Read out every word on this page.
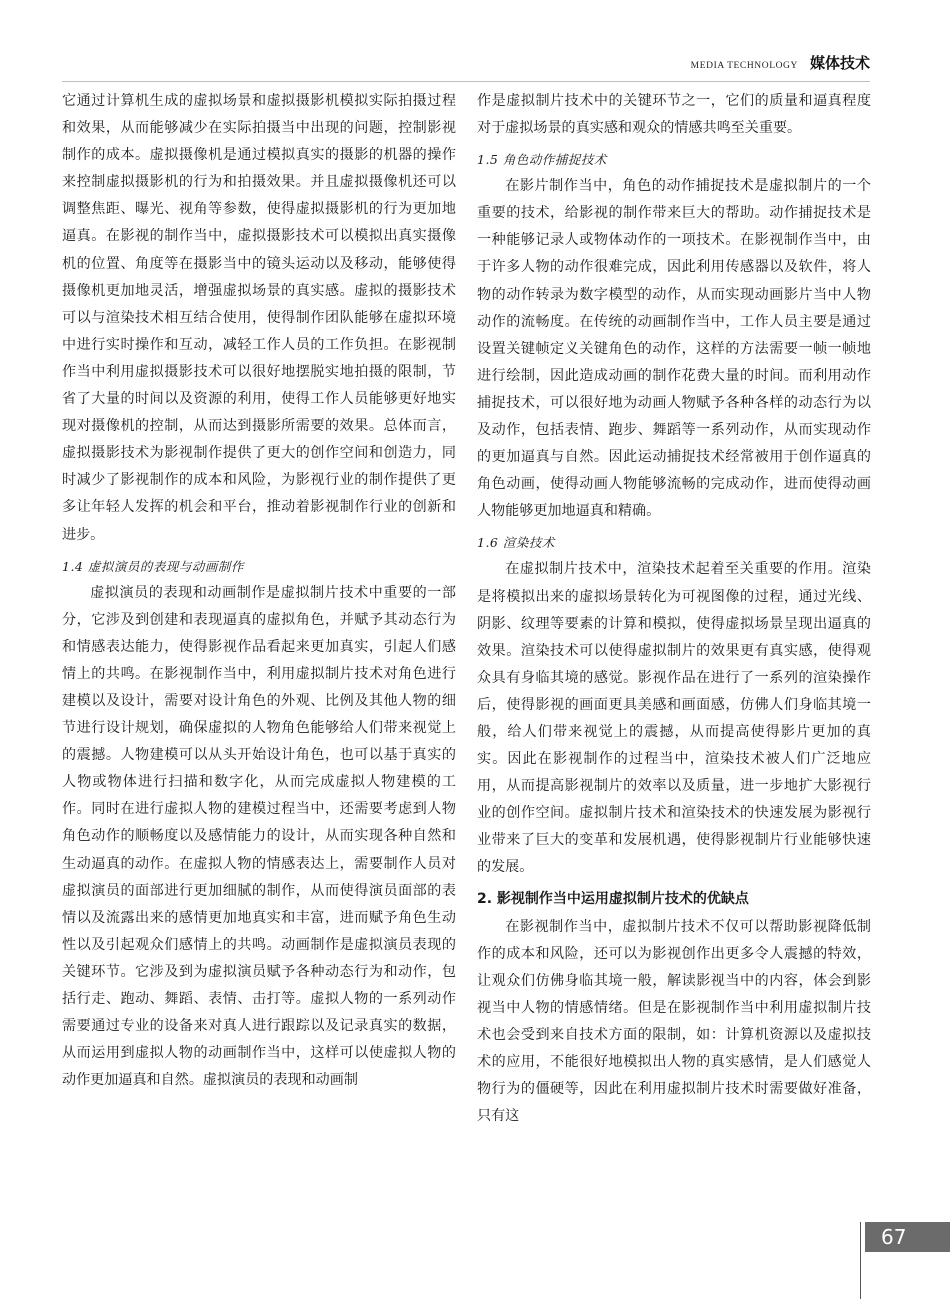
MEDIA TECHNOLOGY 媒体技术

它通过计算机生成的虚拟场景和虚拟摄影机模拟实际拍摄过程和效果，从而能够减少在实际拍摄当中出现的问题，控制影视制作的成本。虚拟摄像机是通过模拟真实的摄影的机器的操作来控制虚拟摄影机的行为和拍摄效果。并且虚拟摄像机还可以调整焦距、曝光、视角等参数，使得虚拟摄影机的行为更加地逼真。在影视的制作当中，虚拟摄影技术可以模拟出真实摄像机的位置、角度等在摄影当中的镜头运动以及移动，能够使得摄像机更加地灵活，增强虚拟场景的真实感。虚拟的摄影技术可以与渲染技术相互结合使用，使得制作团队能够在虚拟环境中进行实时操作和互动，减轻工作人员的工作负担。在影视制作当中利用虚拟摄影技术可以很好地摆脱实地拍摄的限制，节省了大量的时间以及资源的利用，使得工作人员能够更好地实现对摄像机的控制，从而达到摄影所需要的效果。总体而言，虚拟摄影技术为影视制作提供了更大的创作空间和创造力，同时减少了影视制作的成本和风险，为影视行业的制作提供了更多让年轻人发挥的机会和平台，推动着影视制作行业的创新和进步。

1.4 虚拟演员的表现与动画制作

虚拟演员的表现和动画制作是虚拟制片技术中重要的一部分，它涉及到创建和表现逼真的虚拟角色，并赋予其动态行为和情感表达能力，使得影视作品看起来更加真实，引起人们感情上的共鸣。在影视制作当中，利用虚拟制片技术对角色进行建模以及设计，需要对设计角色的外观、比例及其他人物的细节进行设计规划，确保虚拟的人物角色能够给人们带来视觉上的震撼。人物建模可以从头开始设计角色，也可以基于真实的人物或物体进行扫描和数字化，从而完成虚拟人物建模的工作。同时在进行虚拟人物的建模过程当中，还需要考虑到人物角色动作的顺畅度以及感情能力的设计，从而实现各种自然和生动逼真的动作。在虚拟人物的情感表达上，需要制作人员对虚拟演员的面部进行更加细腻的制作，从而使得演员面部的表情以及流露出来的感情更加地真实和丰富，进而赋予角色生动性以及引起观众们感情上的共鸣。动画制作是虚拟演员表现的关键环节。它涉及到为虚拟演员赋予各种动态行为和动作，包括行走、跑动、舞蹈、表情、击打等。虚拟人物的一系列动作需要通过专业的设备来对真人进行跟踪以及记录真实的数据，从而运用到虚拟人物的动画制作当中，这样可以使虚拟人物的动作更加逼真和自然。虚拟演员的表现和动画制

作是虚拟制片技术中的关键环节之一，它们的质量和逼真程度对于虚拟场景的真实感和观众的情感共鸣至关重要。

1.5 角色动作捕捉技术

在影片制作当中，角色的动作捕捉技术是虚拟制片的一个重要的技术，给影视的制作带来巨大的帮助。动作捕捉技术是一种能够记录人或物体动作的一项技术。在影视制作当中，由于许多人物的动作很难完成，因此利用传感器以及软件，将人物的动作转录为数字模型的动作，从而实现动画影片当中人物动作的流畅度。在传统的动画制作当中，工作人员主要是通过设置关键帧定义关键角色的动作，这样的方法需要一帧一帧地进行绘制，因此造成动画的制作花费大量的时间。而利用动作捕捉技术，可以很好地为动画人物赋予各种各样的动态行为以及动作，包括表情、跑步、舞蹈等一系列动作，从而实现动作的更加逼真与自然。因此运动捕捉技术经常被用于创作逼真的角色动画，使得动画人物能够流畅的完成动作，进而使得动画人物能够更加地逼真和精确。

1.6 渲染技术

在虚拟制片技术中，渲染技术起着至关重要的作用。渲染是将模拟出来的虚拟场景转化为可视图像的过程，通过光线、阴影、纹理等要素的计算和模拟，使得虚拟场景呈现出逼真的效果。渲染技术可以使得虚拟制片的效果更有真实感，使得观众具有身临其境的感觉。影视作品在进行了一系列的渲染操作后，使得影视的画面更具美感和画面感，仿佛人们身临其境一般，给人们带来视觉上的震撼，从而提高使得影片更加的真实。因此在影视制作的过程当中，渲染技术被人们广泛地应用，从而提高影视制片的效率以及质量，进一步地扩大影视行业的创作空间。虚拟制片技术和渲染技术的快速发展为影视行业带来了巨大的变革和发展机遇，使得影视制片行业能够快速的发展。

2. 影视制作当中运用虚拟制片技术的优缺点

在影视制作当中，虚拟制片技术不仅可以帮助影视降低制作的成本和风险，还可以为影视创作出更多令人震撼的特效，让观众们仿佛身临其境一般，解读影视当中的内容，体会到影视当中人物的情感情绪。但是在影视制作当中利用虚拟制片技术也会受到来自技术方面的限制，如：计算机资源以及虚拟技术的应用，不能很好地模拟出人物的真实感情，是人们感觉人物行为的僵硬等，因此在利用虚拟制片技术时需要做好准备，只有这

67
